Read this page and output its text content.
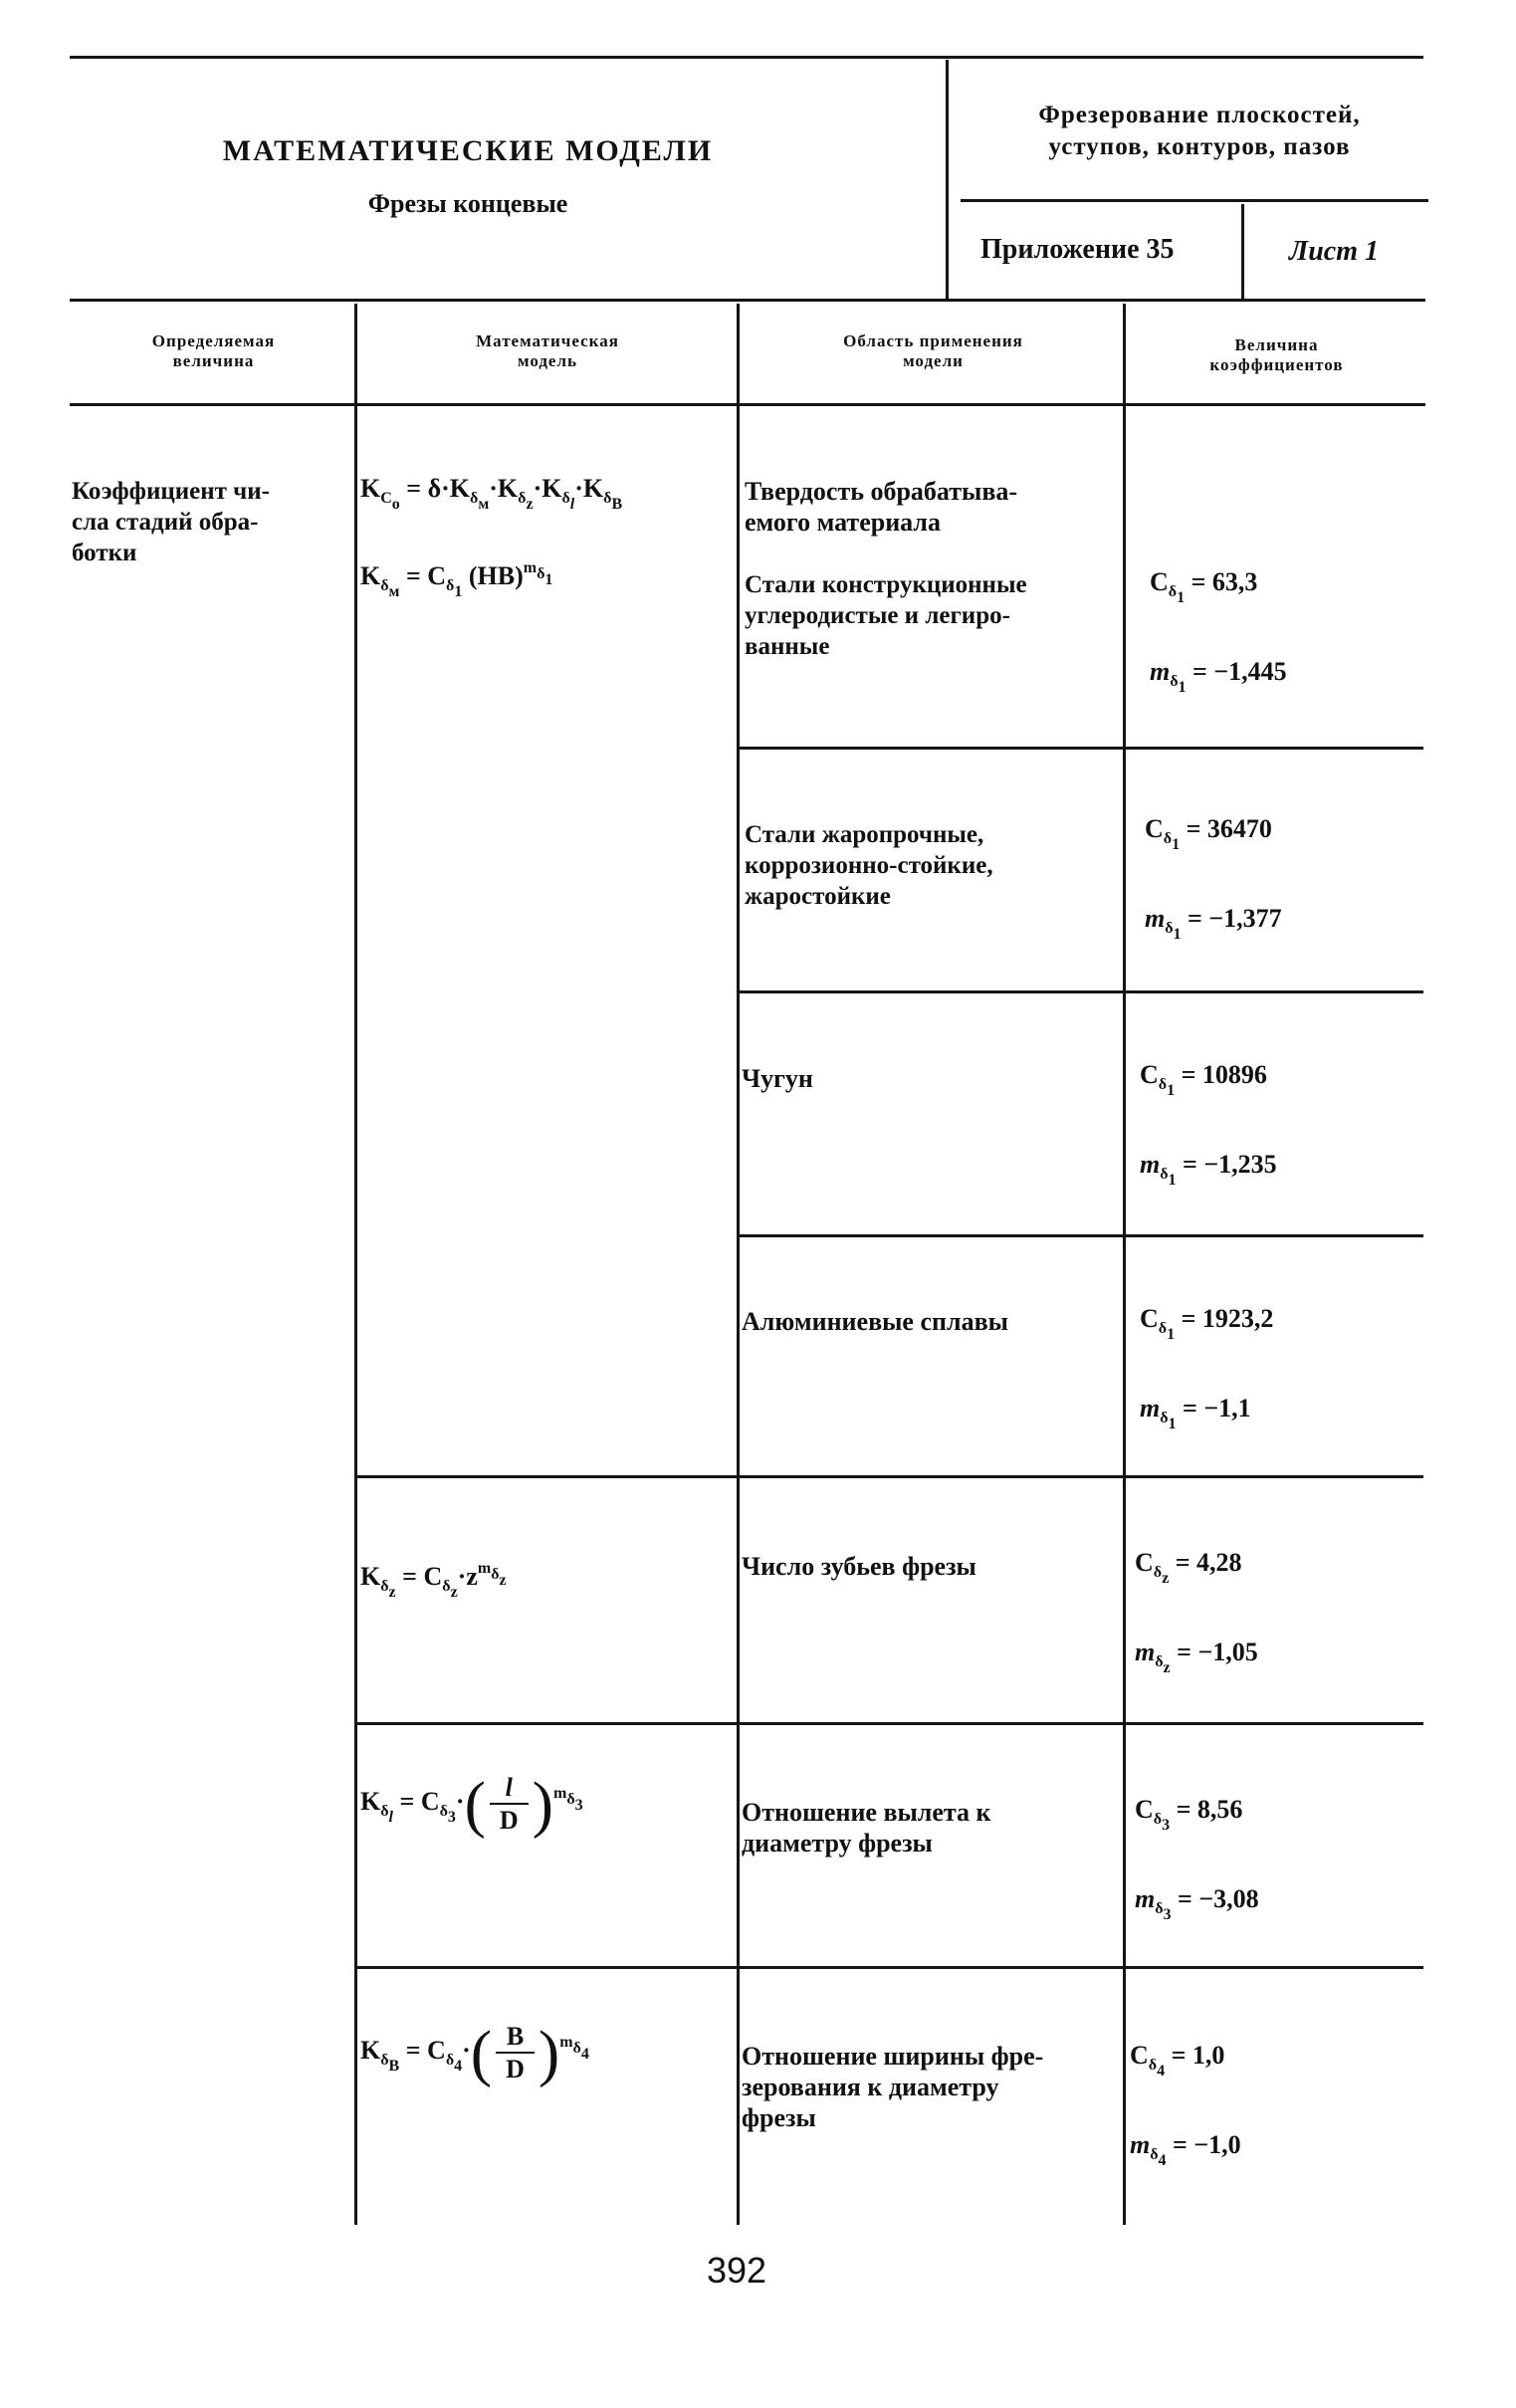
МАТЕМАТИЧЕСКИЕ МОДЕЛИ
Фрезы концевые
Фрезерование плоскостей,
уступов, контуров, пазов
Приложение 35	Лист 1
Определяемая
величина
Математическая
модель
Область применения
модели
Величина
коэффициентов
Коэффициент чи-
сла стадий обра-
ботки
$K_{C_o} = \delta\cdot K_{\delta_м}\cdot K_{\delta_z}\cdot K_{\delta_l}\cdot K_{\delta_B}$
$K_{\delta_м} = C_{\delta_1}$ (HB)$^{m_{\delta_1}}$
$K_{\delta_z} = C_{\delta_z}\cdot z^{m_{\delta_z}}$
$K_{\delta_l} = C_{\delta_3}\cdot( \frac{l}{D} )^{m_{\delta_3}}$
$K_{\delta_B} = C_{\delta_4}\cdot( \frac{B}{D} )^{m_{\delta_4}}$
Твердость обрабатыва-
емого материала
Стали конструкционные
углеродистые и легиро-
ванные
Стали жаропрочные,
коррозионно-стойкие,
жаростойкие
Чугун
Алюминиевые сплавы
Число зубьев фрезы
Отношение вылета к
диаметру фрезы
Отношение ширины фре-
зерования к диаметру
фрезы
$C_{\delta_1} = 63,3$
$m_{\delta_1} = -1,445$
$C_{\delta_1} = 36470$
$m_{\delta_1} = -1,377$
$C_{\delta_1} = 10896$
$m_{\delta_1} = -1,235$
$C_{\delta_1} = 1923,2$
$m_{\delta_1} = -1,1$
$C_{\delta_z} = 4,28$
$m_{\delta_z} = -1,05$
$C_{\delta_3} = 8,56$
$m_{\delta_3} = -3,08$
$C_{\delta_4} = 1,0$
$m_{\delta_4} = -1,0$
392
